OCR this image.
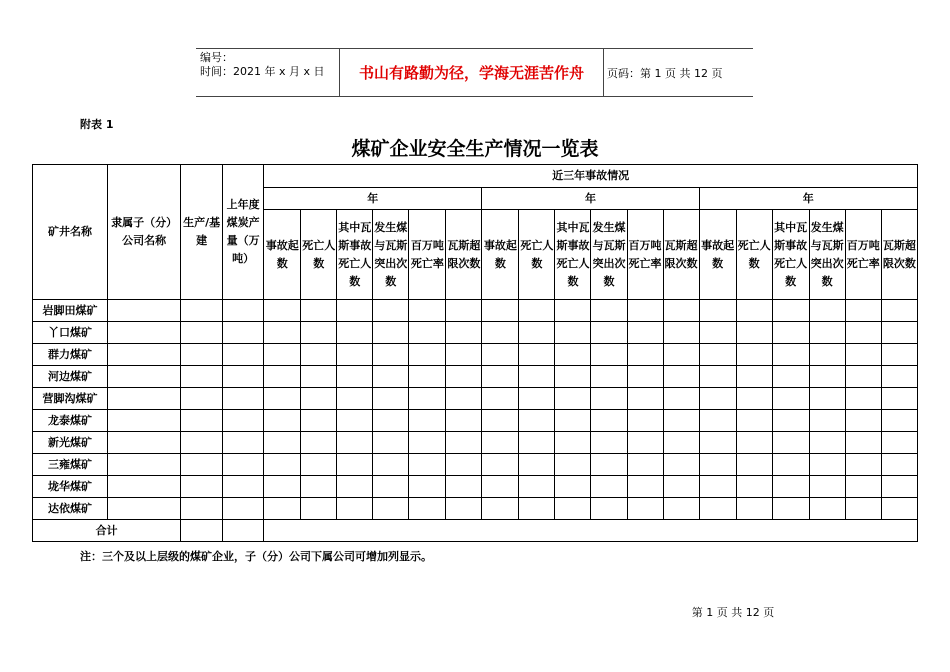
编号：
时间：2021 年 x 月 x 日	书山有路勤为径，学海无涯苦作舟	页码：第 1 页 共 12 页
附表 1
煤矿企业安全生产情况一览表
矿井名称	隶属子（分）公司名称	生产/基建	上年度煤炭产量（万吨）	近三年事故情况																	
				年						年						年					
				事故起数	死亡人数	其中瓦斯事故死亡人数	发生煤与瓦斯突出次数	百万吨死亡率	瓦斯超限次数	事故起数	死亡人数	其中瓦斯事故死亡人数	发生煤与瓦斯突出次数	百万吨死亡率	瓦斯超限次数	事故起数	死亡人数	其中瓦斯事故死亡人数	发生煤与瓦斯突出次数	百万吨死亡率	瓦斯超限次数
岩脚田煤矿																					
丫口煤矿																					
群力煤矿																					
河边煤矿																					
营脚沟煤矿																					
龙泰煤矿																					
新光煤矿																					
三雍煤矿																					
垅华煤矿																					
达依煤矿																					
合计																					
注：三个及以上层级的煤矿企业，子（分）公司下属公司可增加列显示。
第 1 页 共 12 页
